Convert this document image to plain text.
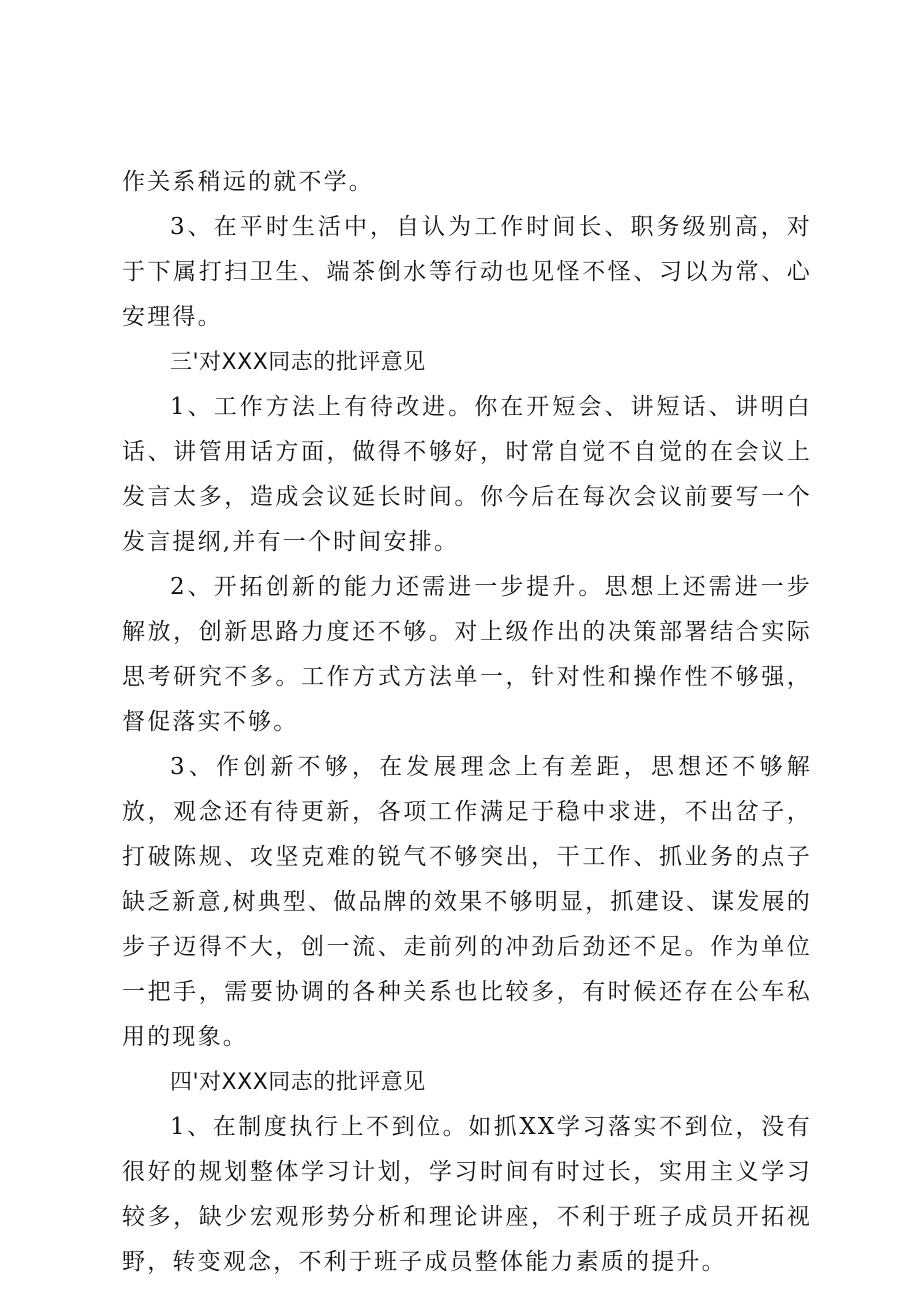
作关系稍远的就不学。

3、在平时生活中，自认为工作时间长、职务级别高，对于下属打扫卫生、端茶倒水等行动也见怪不怪、习以为常、心安理得。

三'对XXX同志的批评意见

1、工作方法上有待改进。你在开短会、讲短话、讲明白话、讲管用话方面，做得不够好，时常自觉不自觉的在会议上发言太多，造成会议延长时间。你今后在每次会议前要写一个发言提纲,并有一个时间安排。

2、开拓创新的能力还需进一步提升。思想上还需进一步解放，创新思路力度还不够。对上级作出的决策部署结合实际思考研究不多。工作方式方法单一，针对性和操作性不够强，督促落实不够。

3、作创新不够，在发展理念上有差距，思想还不够解放，观念还有待更新，各项工作满足于稳中求进，不出岔子，打破陈规、攻坚克难的锐气不够突出，干工作、抓业务的点子缺乏新意,树典型、做品牌的效果不够明显，抓建设、谋发展的步子迈得不大，创一流、走前列的冲劲后劲还不足。作为单位一把手，需要协调的各种关系也比较多，有时候还存在公车私用的现象。

四'对XXX同志的批评意见

1、在制度执行上不到位。如抓XX学习落实不到位，没有很好的规划整体学习计划，学习时间有时过长，实用主义学习较多，缺少宏观形势分析和理论讲座，不利于班子成员开拓视野，转变观念，不利于班子成员整体能力素质的提升。
